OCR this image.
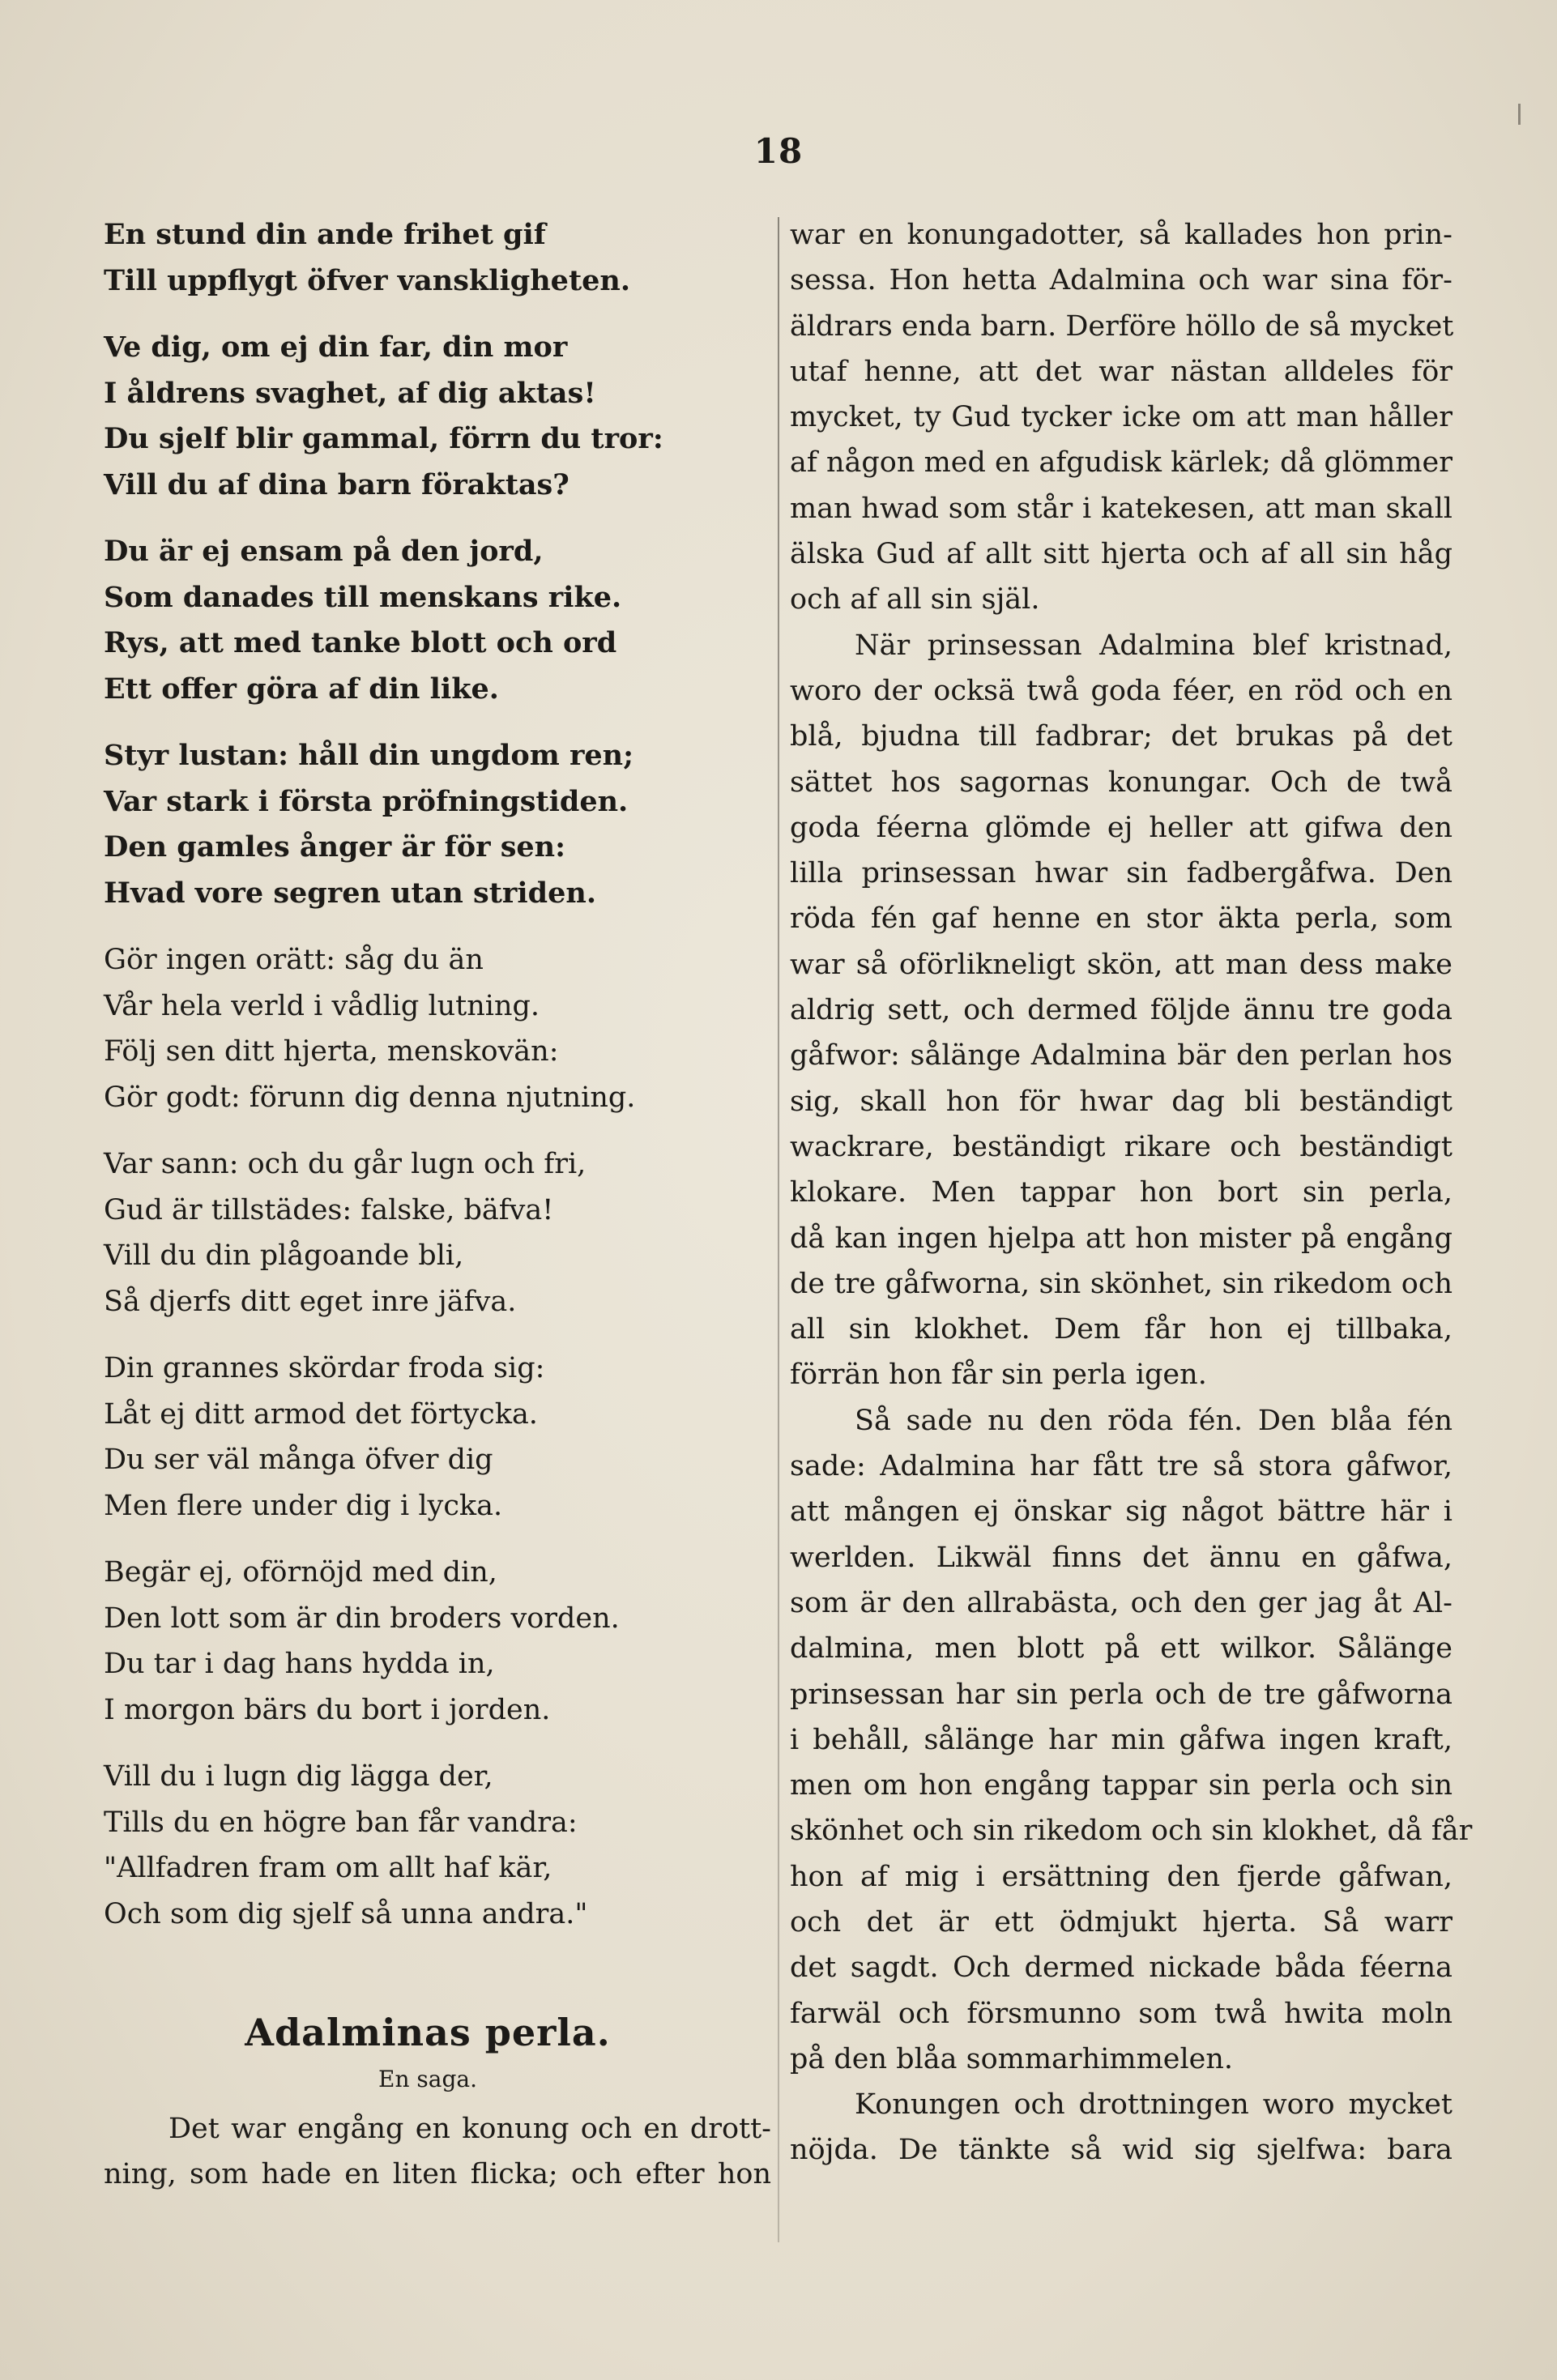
18
En stund din ande frihet gif
Till uppflygt öfver vanskligheten.
Ve dig, om ej din far, din mor
I åldrens svaghet, af dig aktas!
Du sjelf blir gammal, förrn du tror:
Vill du af dina barn föraktas?
Du är ej ensam på den jord,
Som danades till menskans rike.
Rys, att med tanke blott och ord
Ett offer göra af din like.
Styr lustan: håll din ungdom ren;
Var stark i första pröfningstiden.
Den gamles ånger är för sen:
Hvad vore segren utan striden.
Gör ingen orätt: såg du än
Vår hela verld i vådlig lutning.
Följ sen ditt hjerta, menskovän:
Gör godt: förunn dig denna njutning.
Var sann: och du går lugn och fri,
Gud är tillstädes: falske, bäfva!
Vill du din plågoande bli,
Så djerfs ditt eget inre jäfva.
Din grannes skördar froda sig:
Låt ej ditt armod det förtycka.
Du ser väl många öfver dig
Men flere under dig i lycka.
Begär ej, oförnöjd med din,
Den lott som är din broders vorden.
Du tar i dag hans hydda in,
I morgon bärs du bort i jorden.
Vill du i lugn dig lägga der,
Tills du en högre ban får vandra:
"Allfadren fram om allt haf kär,
Och som dig sjelf så unna andra."
Adalminas perla.
En saga.
Det war engång en konung och en drott-
ning, som hade en liten flicka; och efter hon
war en konungadotter, så kallades hon prin-
sessa. Hon hetta Adalmina och war sina för-
äldrars enda barn. Derföre höllo de så mycket
utaf henne, att det war nästan alldeles för
mycket, ty Gud tycker icke om att man håller
af någon med en afgudisk kärlek; då glömmer
man hwad som står i katekesen, att man skall
älska Gud af allt sitt hjerta och af all sin håg
och af all sin själ.
När prinsessan Adalmina blef kristnad,
woro der ocksä twå goda féer, en röd och en
blå, bjudna till fadbrar; det brukas på det
sättet hos sagornas konungar. Och de twå
goda féerna glömde ej heller att gifwa den
lilla prinsessan hwar sin fadbergåfwa. Den
röda fén gaf henne en stor äkta perla, som
war så oförlikneligt skön, att man dess make
aldrig sett, och dermed följde ännu tre goda
gåfwor: sålänge Adalmina bär den perlan hos
sig, skall hon för hwar dag bli beständigt
wackrare, beständigt rikare och beständigt
klokare. Men tappar hon bort sin perla,
då kan ingen hjelpa att hon mister på engång
de tre gåfworna, sin skönhet, sin rikedom och
all sin klokhet. Dem får hon ej tillbaka,
förrän hon får sin perla igen.
Så sade nu den röda fén. Den blåa fén
sade: Adalmina har fått tre så stora gåfwor,
att mången ej önskar sig något bättre här i
werlden. Likwäl finns det ännu en gåfwa,
som är den allrabästa, och den ger jag åt Al-
dalmina, men blott på ett wilkor. Sålänge
prinsessan har sin perla och de tre gåfworna
i behåll, sålänge har min gåfwa ingen kraft,
men om hon engång tappar sin perla och sin
skönhet och sin rikedom och sin klokhet, då får
hon af mig i ersättning den fjerde gåfwan,
och det är ett ödmjukt hjerta. Så warr
det sagdt. Och dermed nickade båda féerna
farwäl och försmunno som twå hwita moln
på den blåa sommarhimmelen.
Konungen och drottningen woro mycket
nöjda. De tänkte så wid sig sjelfwa: bara
